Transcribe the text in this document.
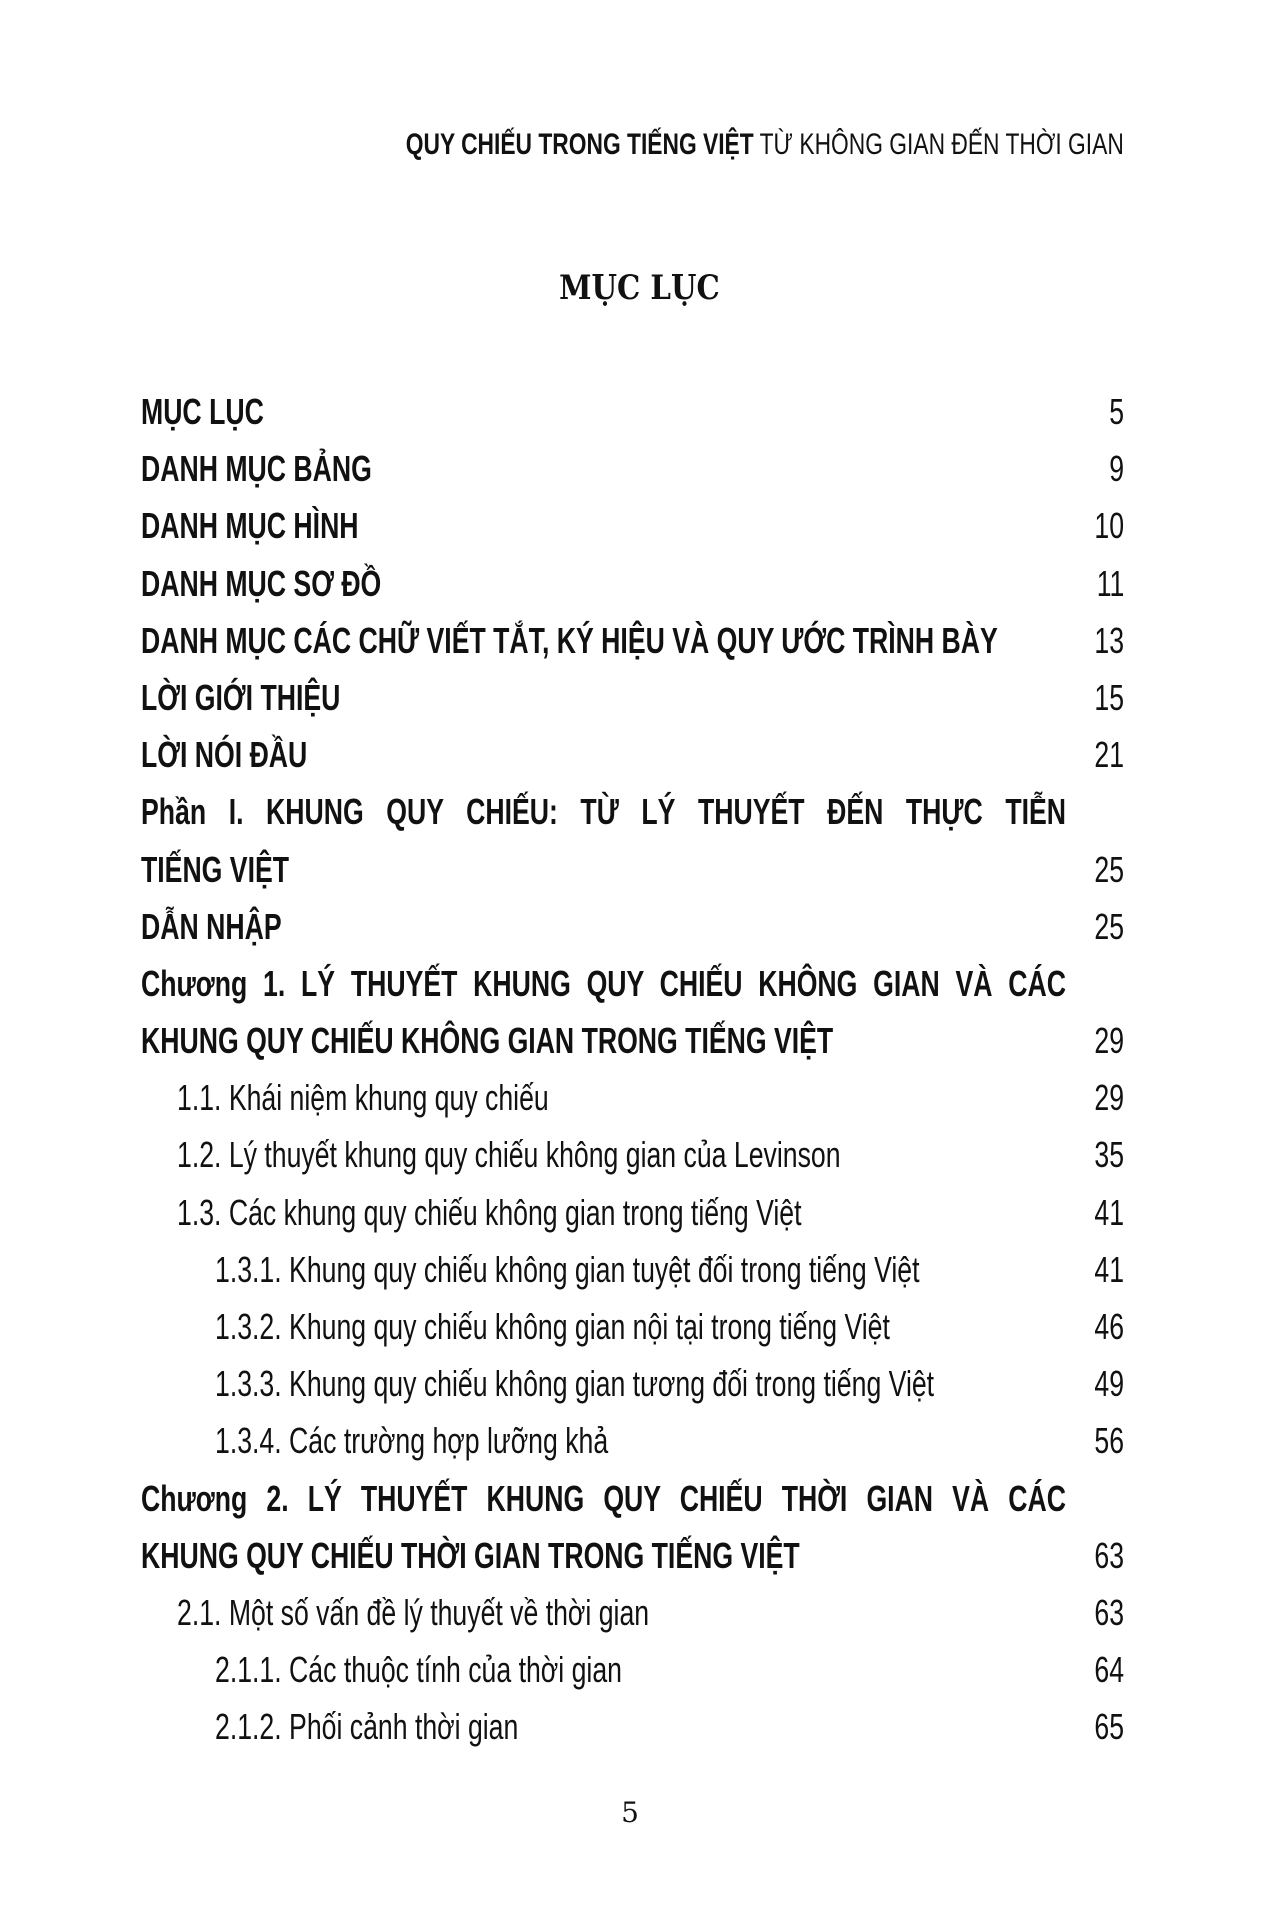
QUY CHIẾU TRONG TIẾNG VIỆT TỪ KHÔNG GIAN ĐẾN THỜI GIAN
MỤC LỤC
MỤC LỤC	5
DANH MỤC BẢNG	9
DANH MỤC HÌNH	10
DANH MỤC SƠ ĐỒ	11
DANH MỤC CÁC CHỮ VIẾT TẮT, KÝ HIỆU VÀ QUY ƯỚC TRÌNH BÀY	13
LỜI GIỚI THIỆU	15
LỜI NÓI ĐẦU	21
Phần I. KHUNG QUY CHIẾU: TỪ LÝ THUYẾT ĐẾN THỰC TIỄN
TIẾNG VIỆT	25
DẪN NHẬP	25
Chương 1. LÝ THUYẾT KHUNG QUY CHIẾU KHÔNG GIAN VÀ CÁC
KHUNG QUY CHIẾU KHÔNG GIAN TRONG TIẾNG VIỆT	29
1.1. Khái niệm khung quy chiếu	29
1.2. Lý thuyết khung quy chiếu không gian của Levinson	35
1.3. Các khung quy chiếu không gian trong tiếng Việt	41
1.3.1. Khung quy chiếu không gian tuyệt đối trong tiếng Việt	41
1.3.2. Khung quy chiếu không gian nội tại trong tiếng Việt	46
1.3.3. Khung quy chiếu không gian tương đối trong tiếng Việt	49
1.3.4. Các trường hợp lưỡng khả	56
Chương 2. LÝ THUYẾT KHUNG QUY CHIẾU THỜI GIAN VÀ CÁC
KHUNG QUY CHIẾU THỜI GIAN TRONG TIẾNG VIỆT	63
2.1. Một số vấn đề lý thuyết về thời gian	63
2.1.1. Các thuộc tính của thời gian	64
2.1.2. Phối cảnh thời gian	65
5
